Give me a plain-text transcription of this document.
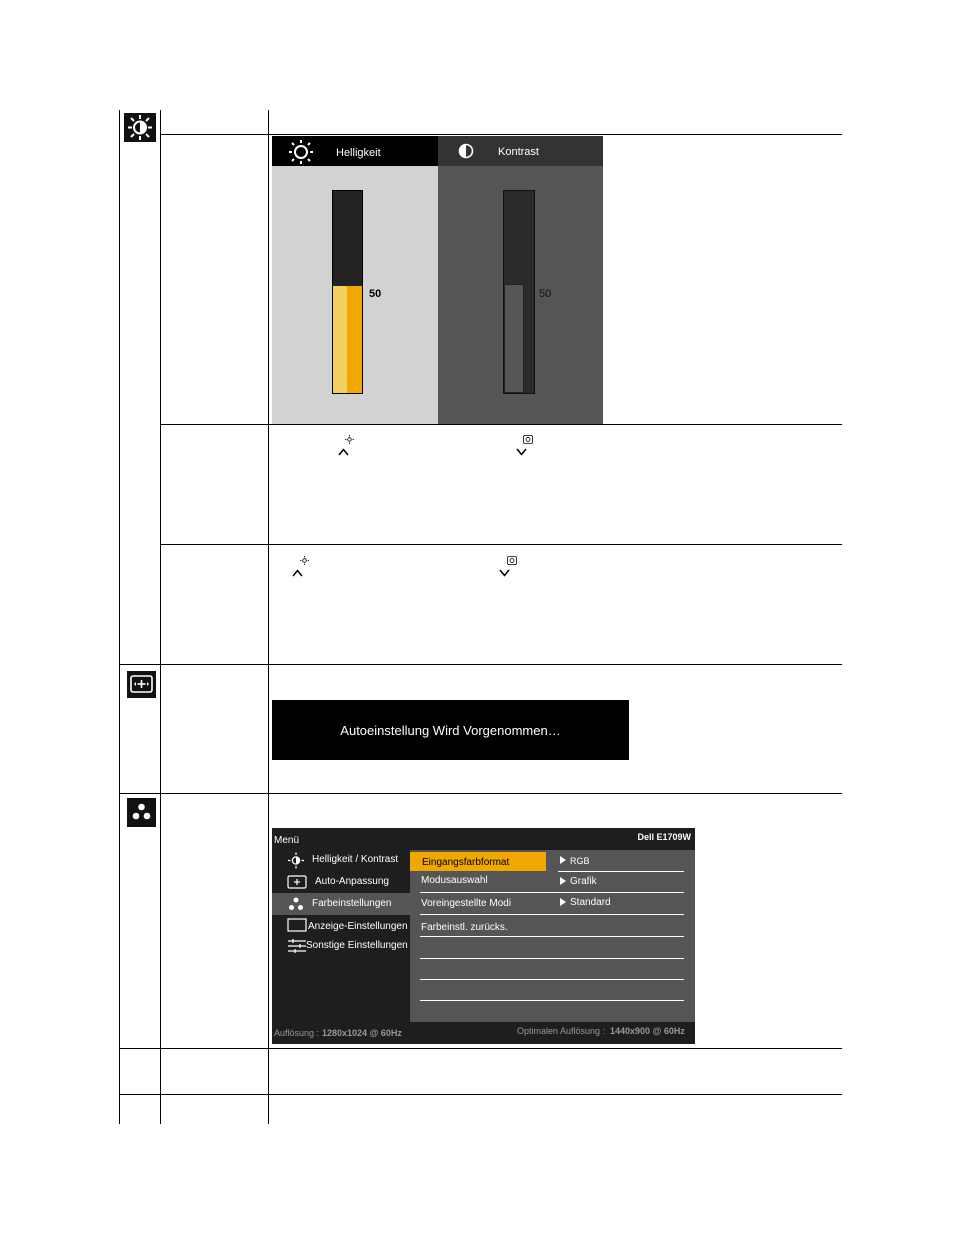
Helligkeit	Kontrast
50	50
Autoeinstellung Wird Vorgenommen…
Menü	Dell E1709W
Helligkeit / Kontrast
Auto-Anpassung
Farbeinstellungen
Anzeige-Einstellungen
Sonstige Einstellungen
Eingangsfarbformat
Modusauswahl
Voreingestellte Modi
Farbeinstl. zurücks.
RGB
Grafik
Standard
Auflösung : 1280x1024 @ 60Hz	Optimalen Auflösung : 1440x900 @ 60Hz
